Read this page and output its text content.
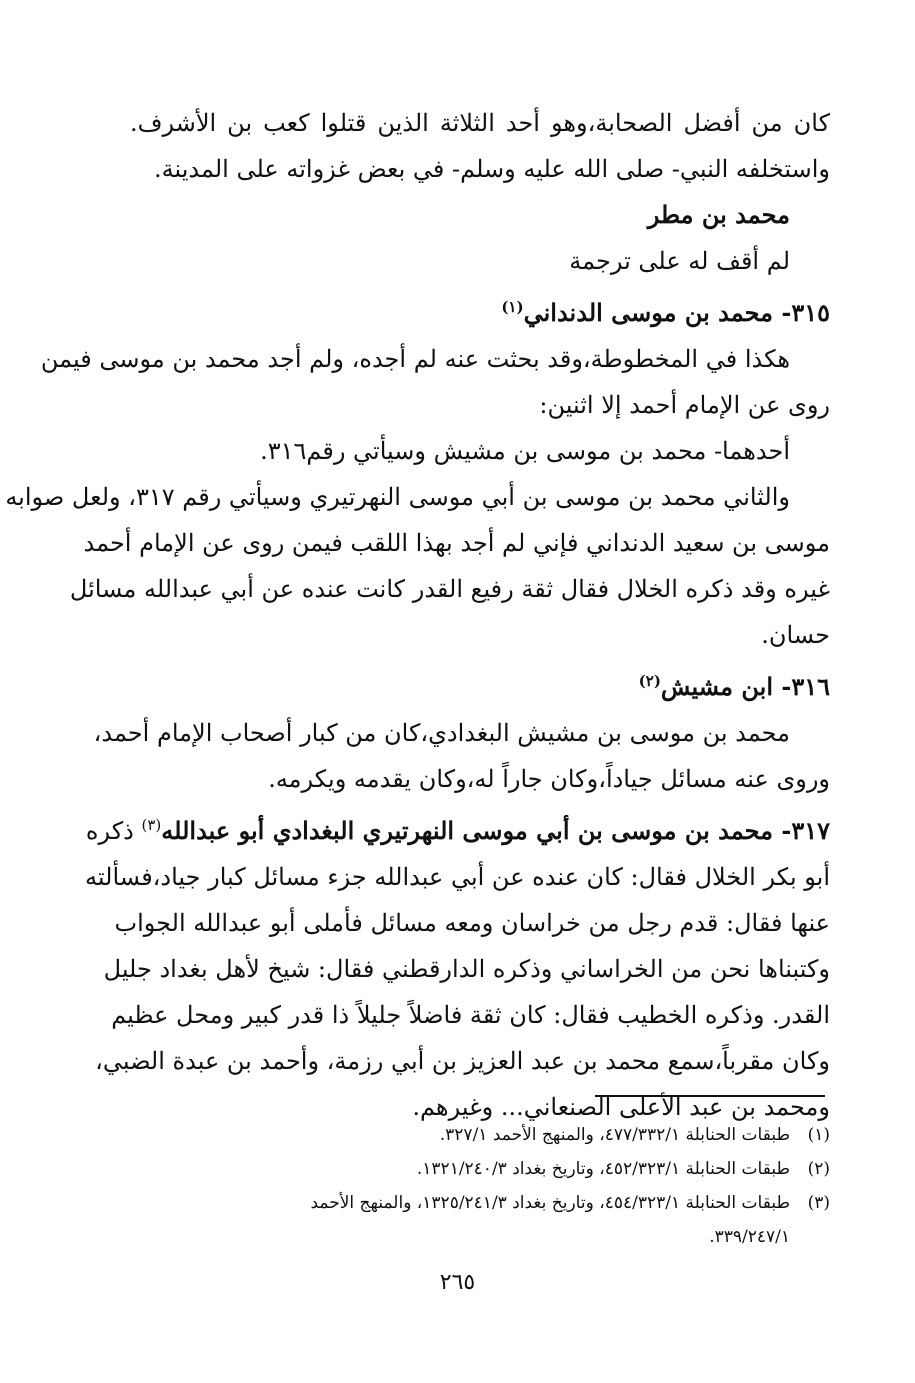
كان من أفضل الصحابة،وهو أحد الثلاثة الذين قتلوا كعب بن الأشرف.
واستخلفه النبي- صلى الله عليه وسلم- في بعض غزواته على المدينة.
محمد بن مطر
لم أقف له على ترجمة
٣١٥- محمد بن موسى الدنداني$^{(١)}$
هكذا في المخطوطة،وقد بحثت عنه لم أجده، ولم أجد محمد بن موسى فيمن
روى عن الإمام أحمد إلا اثنين:
أحدهما- محمد بن موسى بن مشيش وسيأتي رقم٣١٦.
والثاني محمد بن موسى بن أبي موسى النهرتيري وسيأتي رقم ٣١٧، ولعل صوابه
موسى بن سعيد الدنداني فإني لم أجد بهذا اللقب فيمن روى عن الإمام أحمد
غيره وقد ذكره الخلال فقال ثقة رفيع القدر كانت عنده عن أبي عبدالله مسائل
حسان.
٣١٦- ابن مشيش$^{(٢)}$
محمد بن موسى بن مشيش البغدادي،كان من كبار أصحاب الإمام أحمد،
وروى عنه مسائل جياداً،وكان جاراً له،وكان يقدمه ويكرمه.
٣١٧- محمد بن موسى بن أبي موسى النهرتيري البغدادي أبو عبدالله$^{(٣)}$ ذكره
أبو بكر الخلال فقال: كان عنده عن أبي عبدالله جزء مسائل كبار جياد،فسألته
عنها فقال: قدم رجل من خراسان ومعه مسائل فأملى أبو عبدالله الجواب
وكتبناها نحن من الخراساني وذكره الدارقطني فقال: شيخ لأهل بغداد جليل
القدر. وذكره الخطيب فقال: كان ثقة فاضلاً جليلاً ذا قدر كبير ومحل عظيم
وكان مقرباً،سمع محمد بن عبد العزيز بن أبي رزمة، وأحمد بن عبدة الضبي،
ومحمد بن عبد الأعلى الصنعاني... وغيرهم.
(١)
طبقات الحنابلة ٤٧٧/٣٣٢/١، والمنهج الأحمد ٣٢٧/١.
(٢)
طبقات الحنابلة ٤٥٢/٣٢٣/١، وتاريخ بغداد ١٣٢١/٢٤٠/٣.
(٣)
طبقات الحنابلة ٤٥٤/٣٢٣/١، وتاريخ بغداد ١٣٢٥/٢٤١/٣، والمنهج الأحمد
٣٣٩/٢٤٧/١.
٢٦٥
